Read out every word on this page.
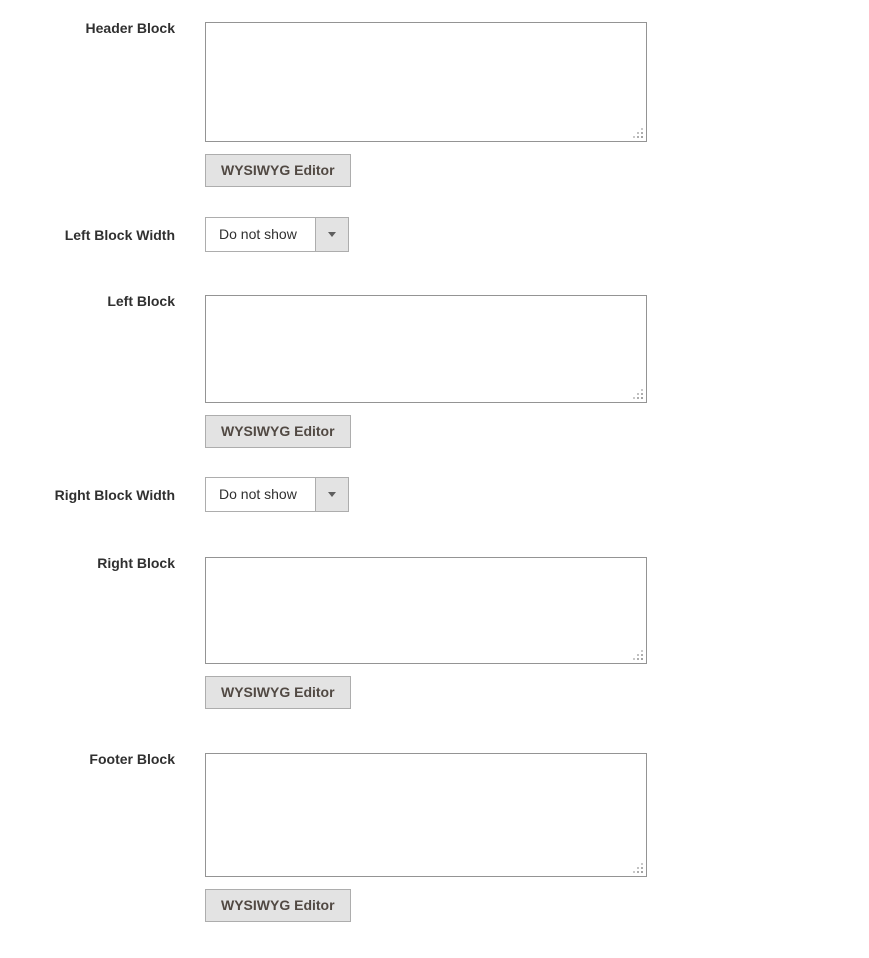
Header Block
WYSIWYG Editor
Left Block Width	Do not show
Left Block
WYSIWYG Editor
Right Block Width	Do not show
Right Block
WYSIWYG Editor
Footer Block
WYSIWYG Editor
